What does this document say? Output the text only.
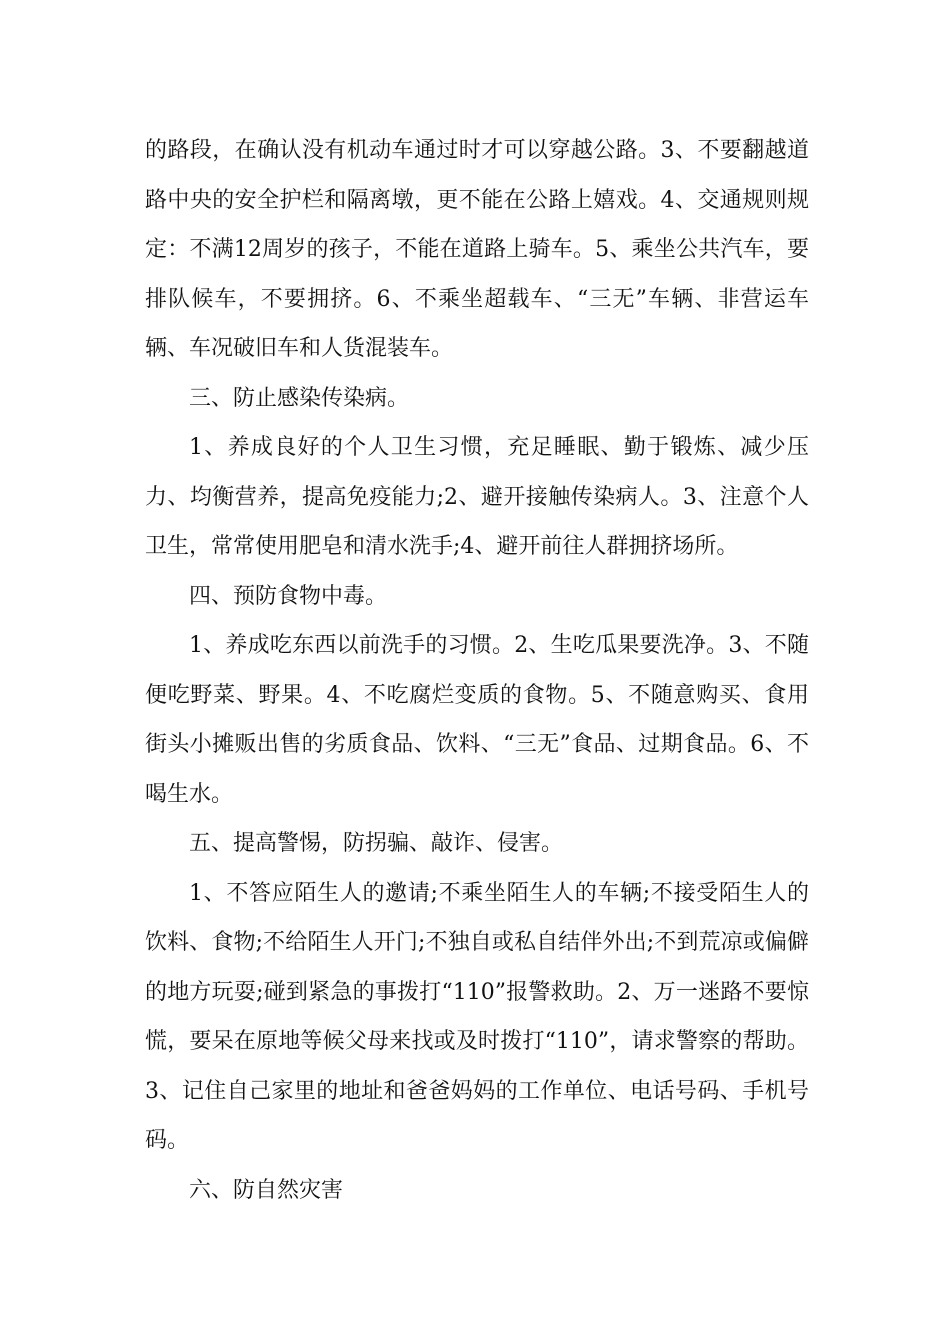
的路段，在确认没有机动车通过时才可以穿越公路。3、不要翻越道路中央的安全护栏和隔离墩，更不能在公路上嬉戏。4、交通规则规定：不满12周岁的孩子，不能在道路上骑车。5、乘坐公共汽车，要排队候车，不要拥挤。6、不乘坐超载车、“三无”车辆、非营运车辆、车况破旧车和人货混装车。

三、防止感染传染病。

1、养成良好的个人卫生习惯，充足睡眠、勤于锻炼、减少压力、均衡营养，提高免疫能力;2、避开接触传染病人。3、注意个人卫生，常常使用肥皂和清水洗手;4、避开前往人群拥挤场所。

四、预防食物中毒。

1、养成吃东西以前洗手的习惯。2、生吃瓜果要洗净。3、不随便吃野菜、野果。4、不吃腐烂变质的食物。5、不随意购买、食用街头小摊贩出售的劣质食品、饮料、“三无”食品、过期食品。6、不喝生水。

五、提高警惕，防拐骗、敲诈、侵害。

1、不答应陌生人的邀请;不乘坐陌生人的车辆;不接受陌生人的饮料、食物;不给陌生人开门;不独自或私自结伴外出;不到荒凉或偏僻的地方玩耍;碰到紧急的事拨打“110”报警救助。2、万一迷路不要惊慌，要呆在原地等候父母来找或及时拨打“110”，请求警察的帮助。3、记住自己家里的地址和爸爸妈妈的工作单位、电话号码、手机号码。

六、防自然灾害
